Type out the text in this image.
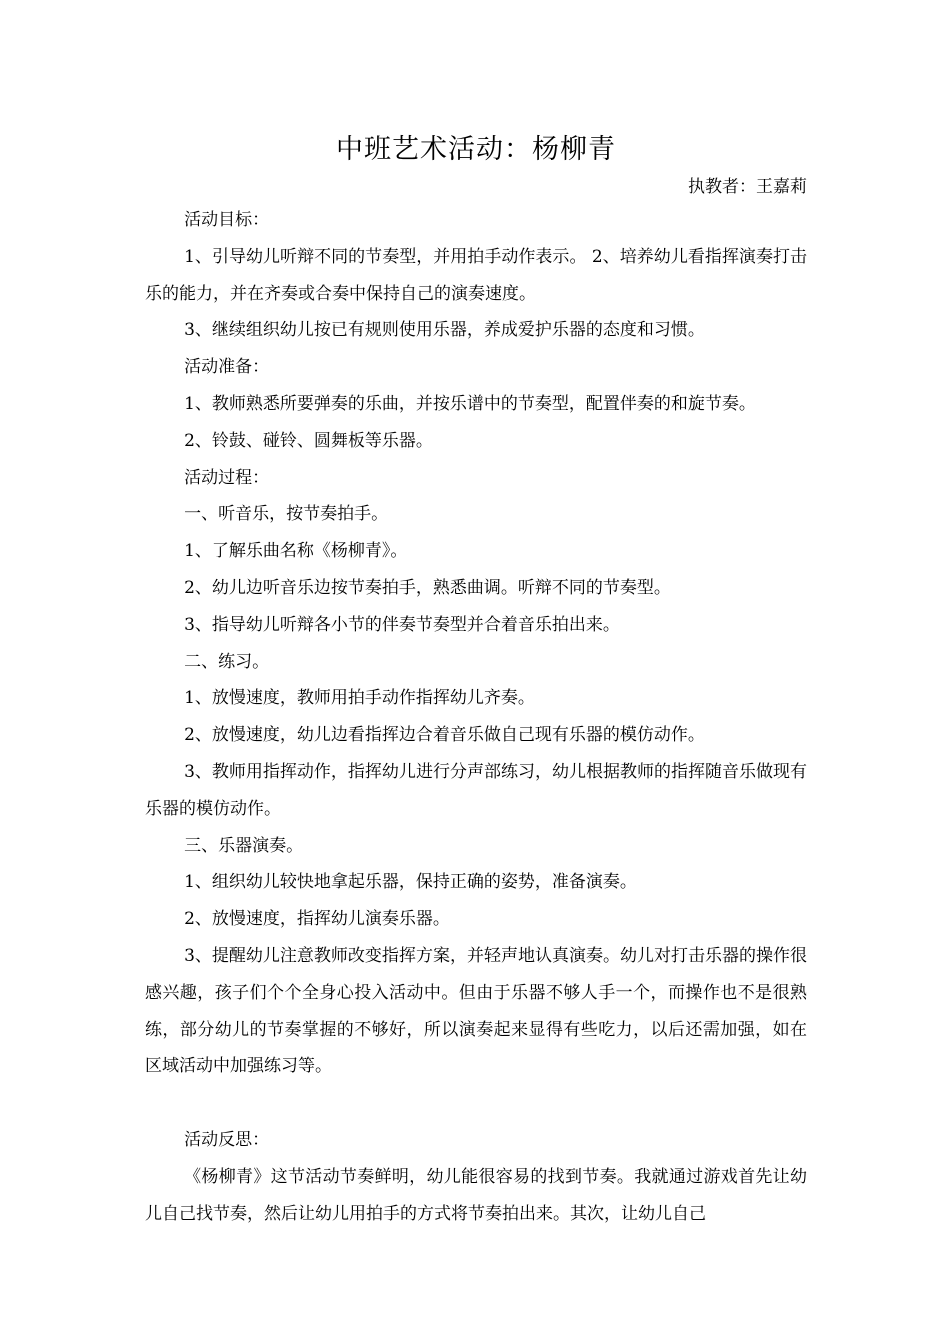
中班艺术活动：杨柳青

执教者：王嘉莉

活动目标：

1、引导幼儿听辩不同的节奏型，并用拍手动作表示。 2、培养幼儿看指挥演奏打击乐的能力，并在齐奏或合奏中保持自己的演奏速度。

3、继续组织幼儿按已有规则使用乐器，养成爱护乐器的态度和习惯。

活动准备：

1、教师熟悉所要弹奏的乐曲，并按乐谱中的节奏型，配置伴奏的和旋节奏。

2、铃鼓、碰铃、圆舞板等乐器。

活动过程：

一、听音乐，按节奏拍手。

1、了解乐曲名称《杨柳青》。

2、幼儿边听音乐边按节奏拍手，熟悉曲调。听辩不同的节奏型。

3、指导幼儿听辩各小节的伴奏节奏型并合着音乐拍出来。

二、练习。

1、放慢速度，教师用拍手动作指挥幼儿齐奏。

2、放慢速度，幼儿边看指挥边合着音乐做自己现有乐器的模仿动作。

3、教师用指挥动作，指挥幼儿进行分声部练习，幼儿根据教师的指挥随音乐做现有乐器的模仿动作。

三、乐器演奏。

1、组织幼儿较快地拿起乐器，保持正确的姿势，准备演奏。

2、放慢速度，指挥幼儿演奏乐器。

3、提醒幼儿注意教师改变指挥方案，并轻声地认真演奏。幼儿对打击乐器的操作很感兴趣，孩子们个个全身心投入活动中。但由于乐器不够人手一个，而操作也不是很熟练，部分幼儿的节奏掌握的不够好，所以演奏起来显得有些吃力，以后还需加强，如在区域活动中加强练习等。

活动反思：

《杨柳青》这节活动节奏鲜明，幼儿能很容易的找到节奏。我就通过游戏首先让幼儿自己找节奏，然后让幼儿用拍手的方式将节奏拍出来。其次，让幼儿自己
